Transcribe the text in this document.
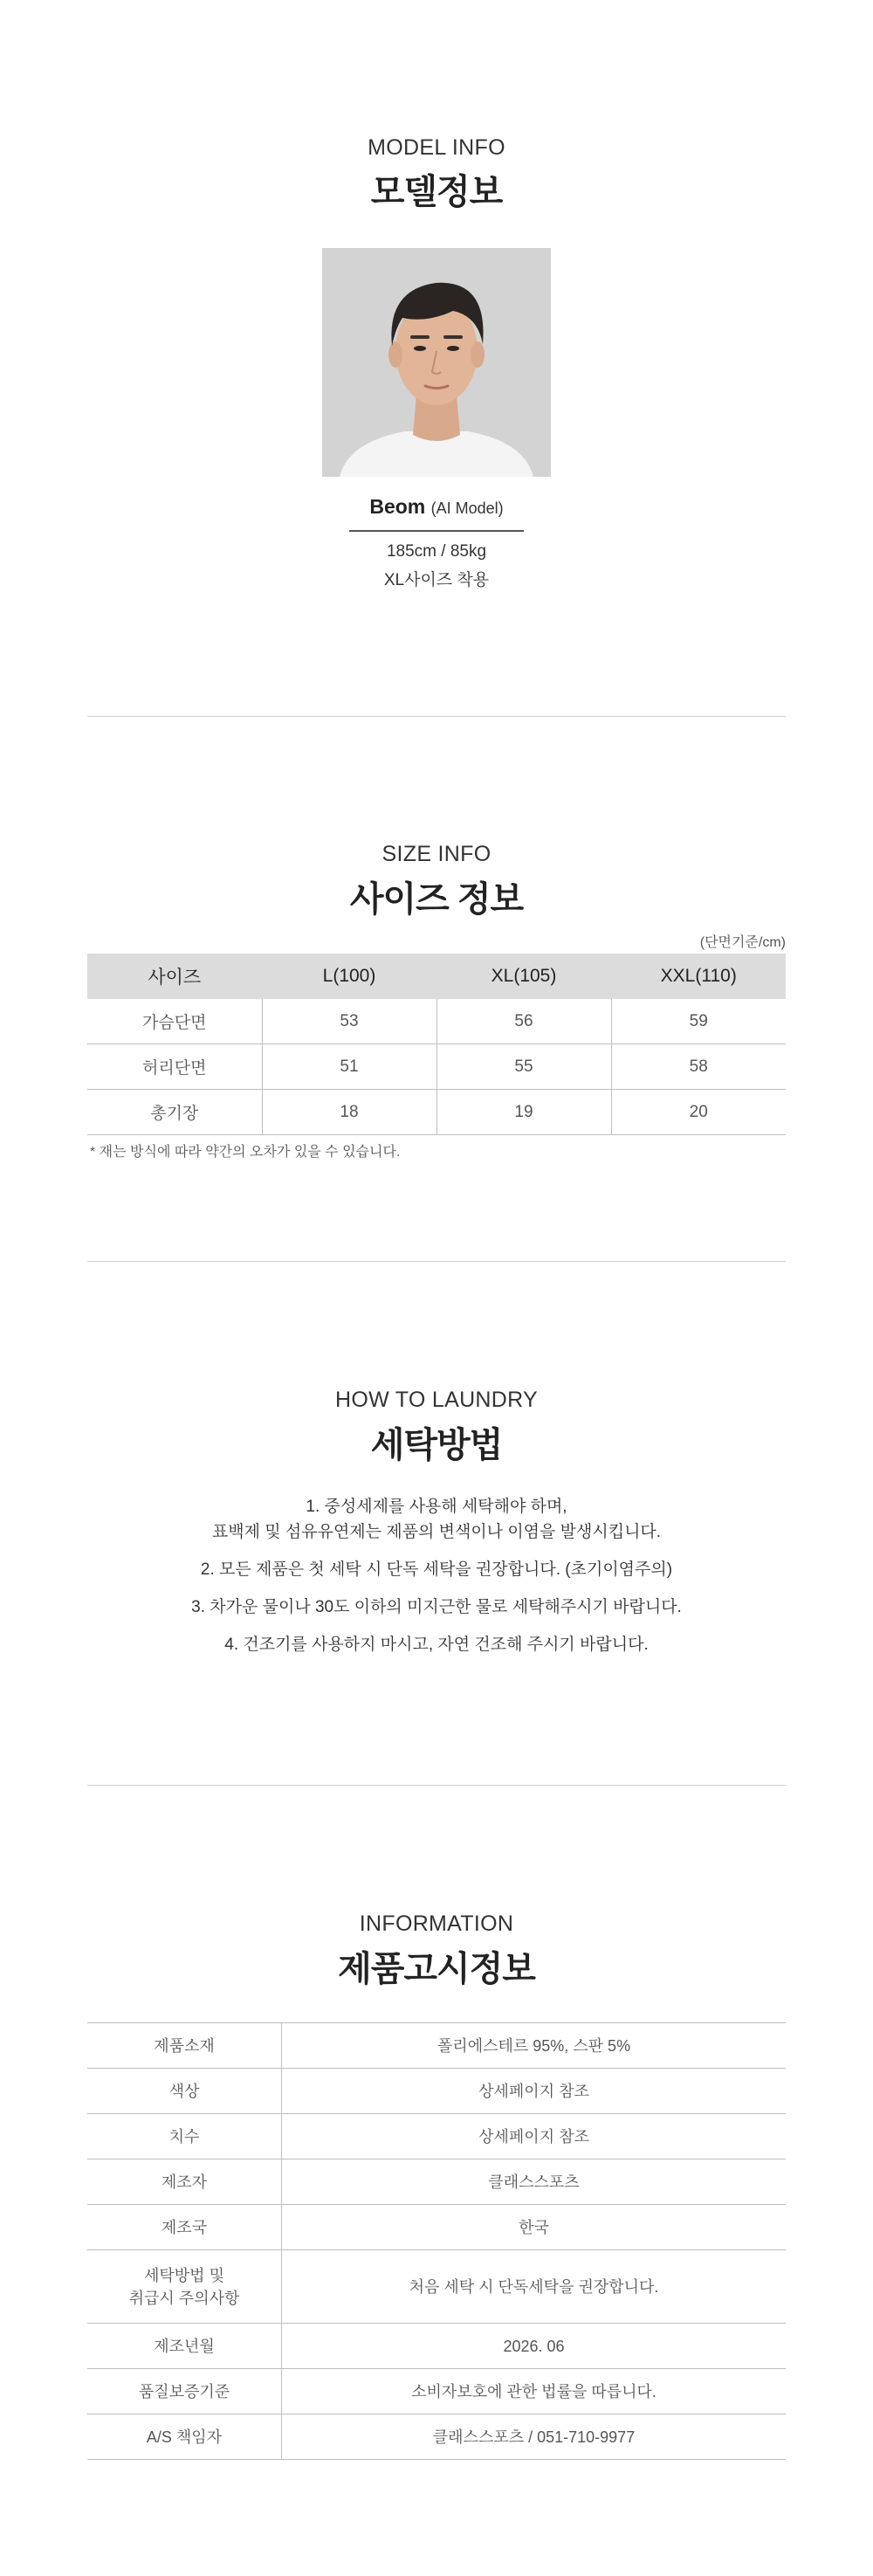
MODEL INFO
모델정보
Beom (AI Model)
185cm / 85kg
XL사이즈 착용
SIZE INFO
사이즈 정보
(단면기준/cm)
사이즈	L(100)	XL(105)	XXL(110)
가슴단면	53	56	59
허리단면	51	55	58
총기장	18	19	20
* 재는 방식에 따라 약간의 오차가 있을 수 있습니다.
HOW TO LAUNDRY
세탁방법
1. 중성세제를 사용해 세탁해야 하며,
표백제 및 섬유유연제는 제품의 변색이나 이염을 발생시킵니다.
2. 모든 제품은 첫 세탁 시 단독 세탁을 권장합니다. (초기이염주의)
3. 차가운 물이나 30도 이하의 미지근한 물로 세탁해주시기 바랍니다.
4. 건조기를 사용하지 마시고, 자연 건조해 주시기 바랍니다.
INFORMATION
제품고시정보
제품소재	폴리에스테르 95%, 스판 5%
색상	상세페이지 참조
치수	상세페이지 참조
제조자	클래스스포츠
제조국	한국

세탁방법 및
취급시 주의사항	처음 세탁 시 단독세탁을 권장합니다.
제조년월	2026. 06
품질보증기준	소비자보호에 관한 법률을 따릅니다.
A/S 책임자	클래스스포츠 / 051-710-9977
